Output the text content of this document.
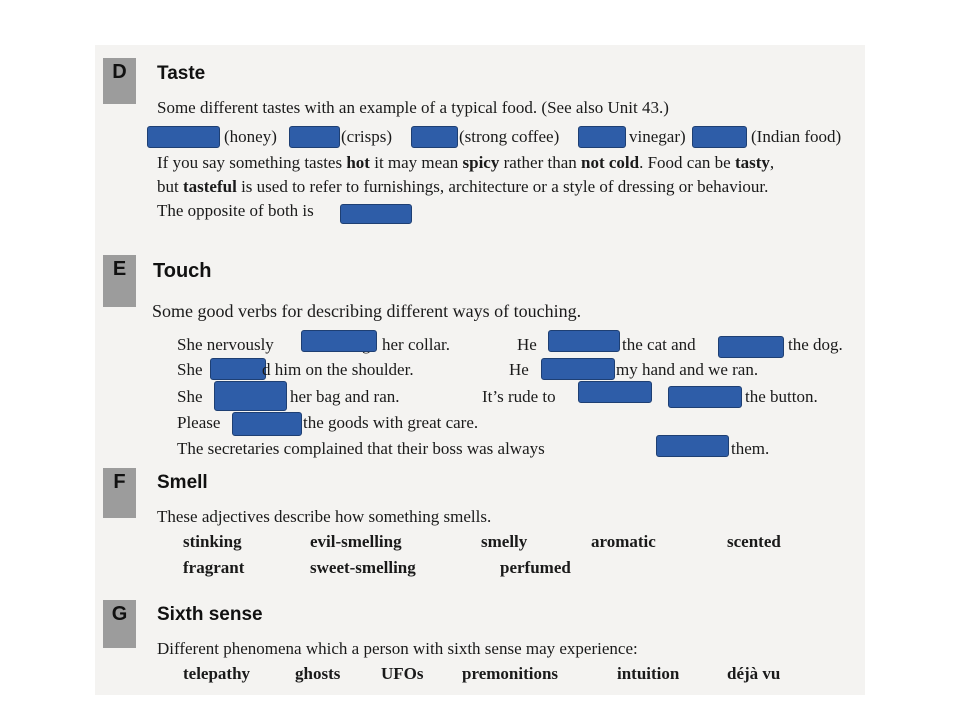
D	Taste
Some different tastes with an example of a typical food. (See also Unit 43.)
(honey)	(crisps)	(strong coffee)	vinegar)	(Indian food)
If you say something tastes hot it may mean spicy rather than not cold. Food can be tasty,
but tasteful is used to refer to furnishings, architecture or a style of dressing or behaviour.
The opposite of both is
E	Touch
Some good verbs for describing different ways of touching.
She nervously	her collar.	He	the cat and	the dog.
She	d him on the shoulder.	He	my hand and we ran.
She	her bag and ran.	It’s rude to	the button.
Please	the goods with great care.
The secretaries complained that their boss was always	them.
F	Smell
These adjectives describe how something smells.
stinking	evil-smelling	smelly	aromatic	scented
fragrant	sweet-smelling	perfumed
G	Sixth sense
Different phenomena which a person with sixth sense may experience:
telepathy	ghosts UFOs premonitions	intuition	déjà vu
